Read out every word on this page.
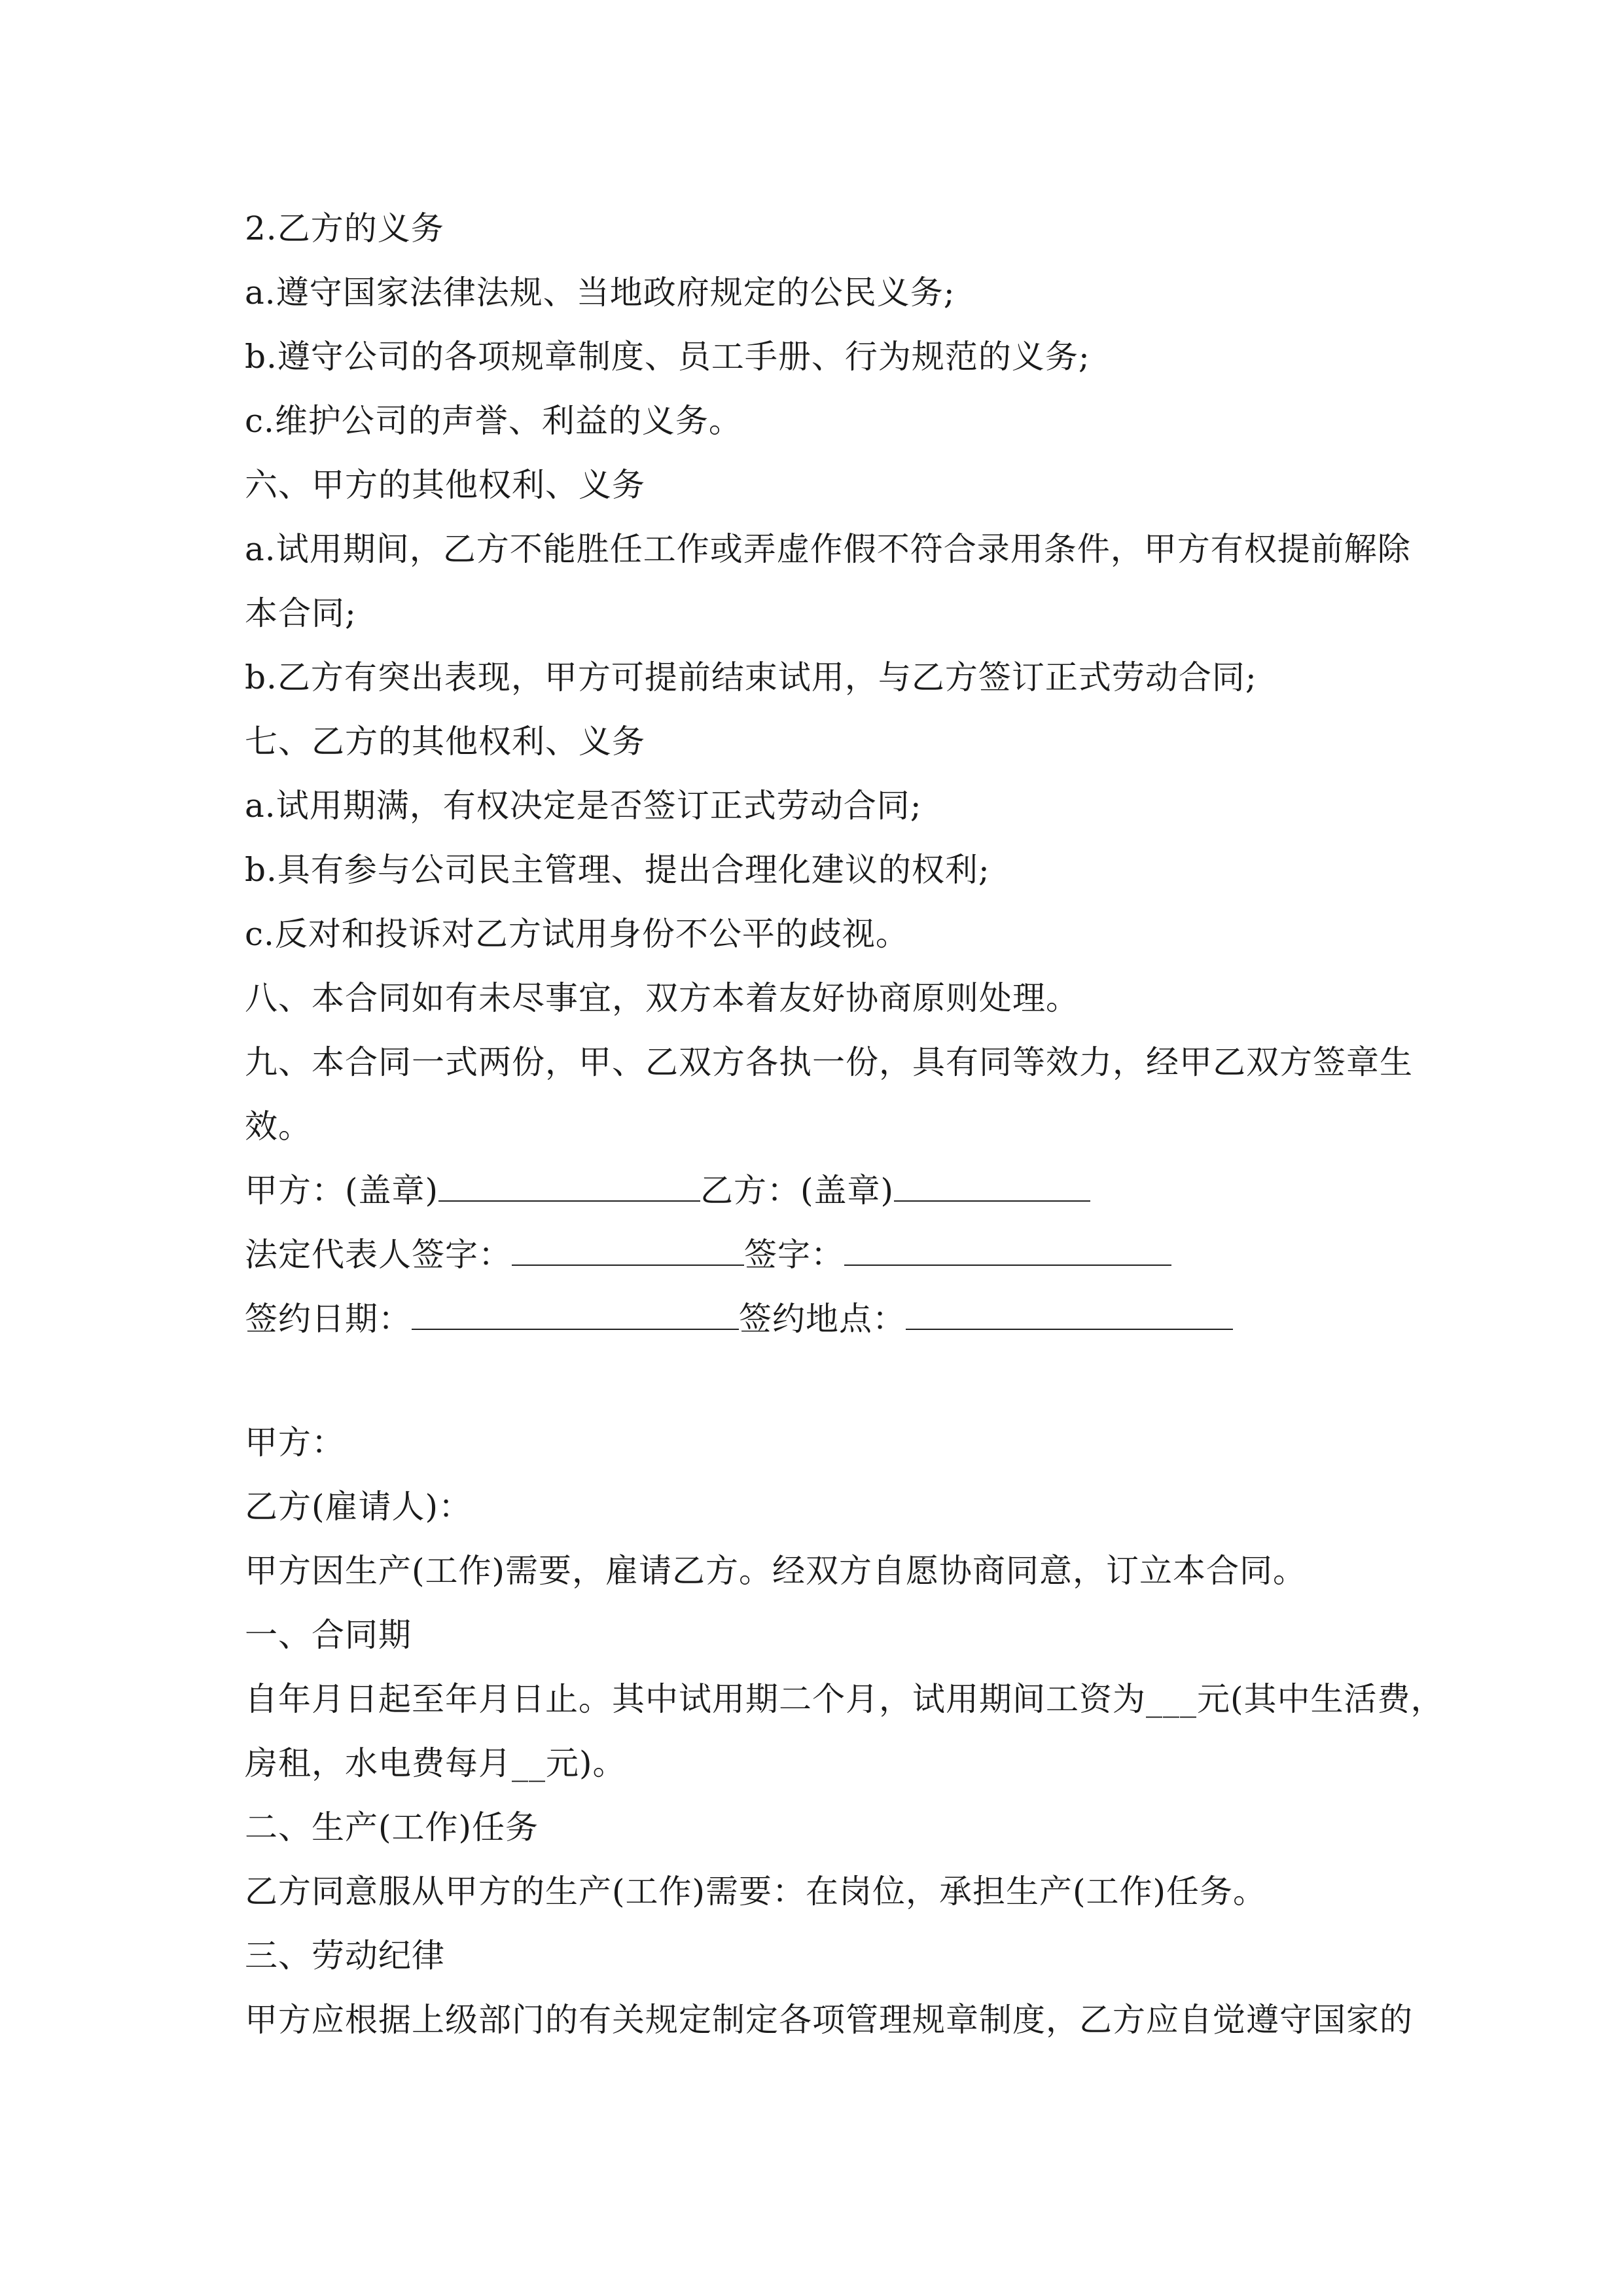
2.乙方的义务
a.遵守国家法律法规、当地政府规定的公民义务;
b.遵守公司的各项规章制度、员工手册、行为规范的义务;
c.维护公司的声誉、利益的义务。
六、甲方的其他权利、义务
a.试用期间，乙方不能胜任工作或弄虚作假不符合录用条件，甲方有权提前解除
本合同;
b.乙方有突出表现，甲方可提前结束试用，与乙方签订正式劳动合同;
七、乙方的其他权利、义务
a.试用期满，有权决定是否签订正式劳动合同;
b.具有参与公司民主管理、提出合理化建议的权利;
c.反对和投诉对乙方试用身份不公平的歧视。
八、本合同如有未尽事宜，双方本着友好协商原则处理。
九、本合同一式两份，甲、乙双方各执一份，具有同等效力，经甲乙双方签章生
效。
甲方：(盖章)	乙方：(盖章)
法定代表人签字：	签字：
签约日期：	签约地点：
甲方：
乙方(雇请人)：
甲方因生产(工作)需要，雇请乙方。经双方自愿协商同意，订立本合同。
一、合同期
自年月日起至年月日止。其中试用期二个月，试用期间工资为___元(其中生活费，
房租，水电费每月__元)。
二、生产(工作)任务
乙方同意服从甲方的生产(工作)需要：在岗位，承担生产(工作)任务。
三、劳动纪律
甲方应根据上级部门的有关规定制定各项管理规章制度，乙方应自觉遵守国家的
